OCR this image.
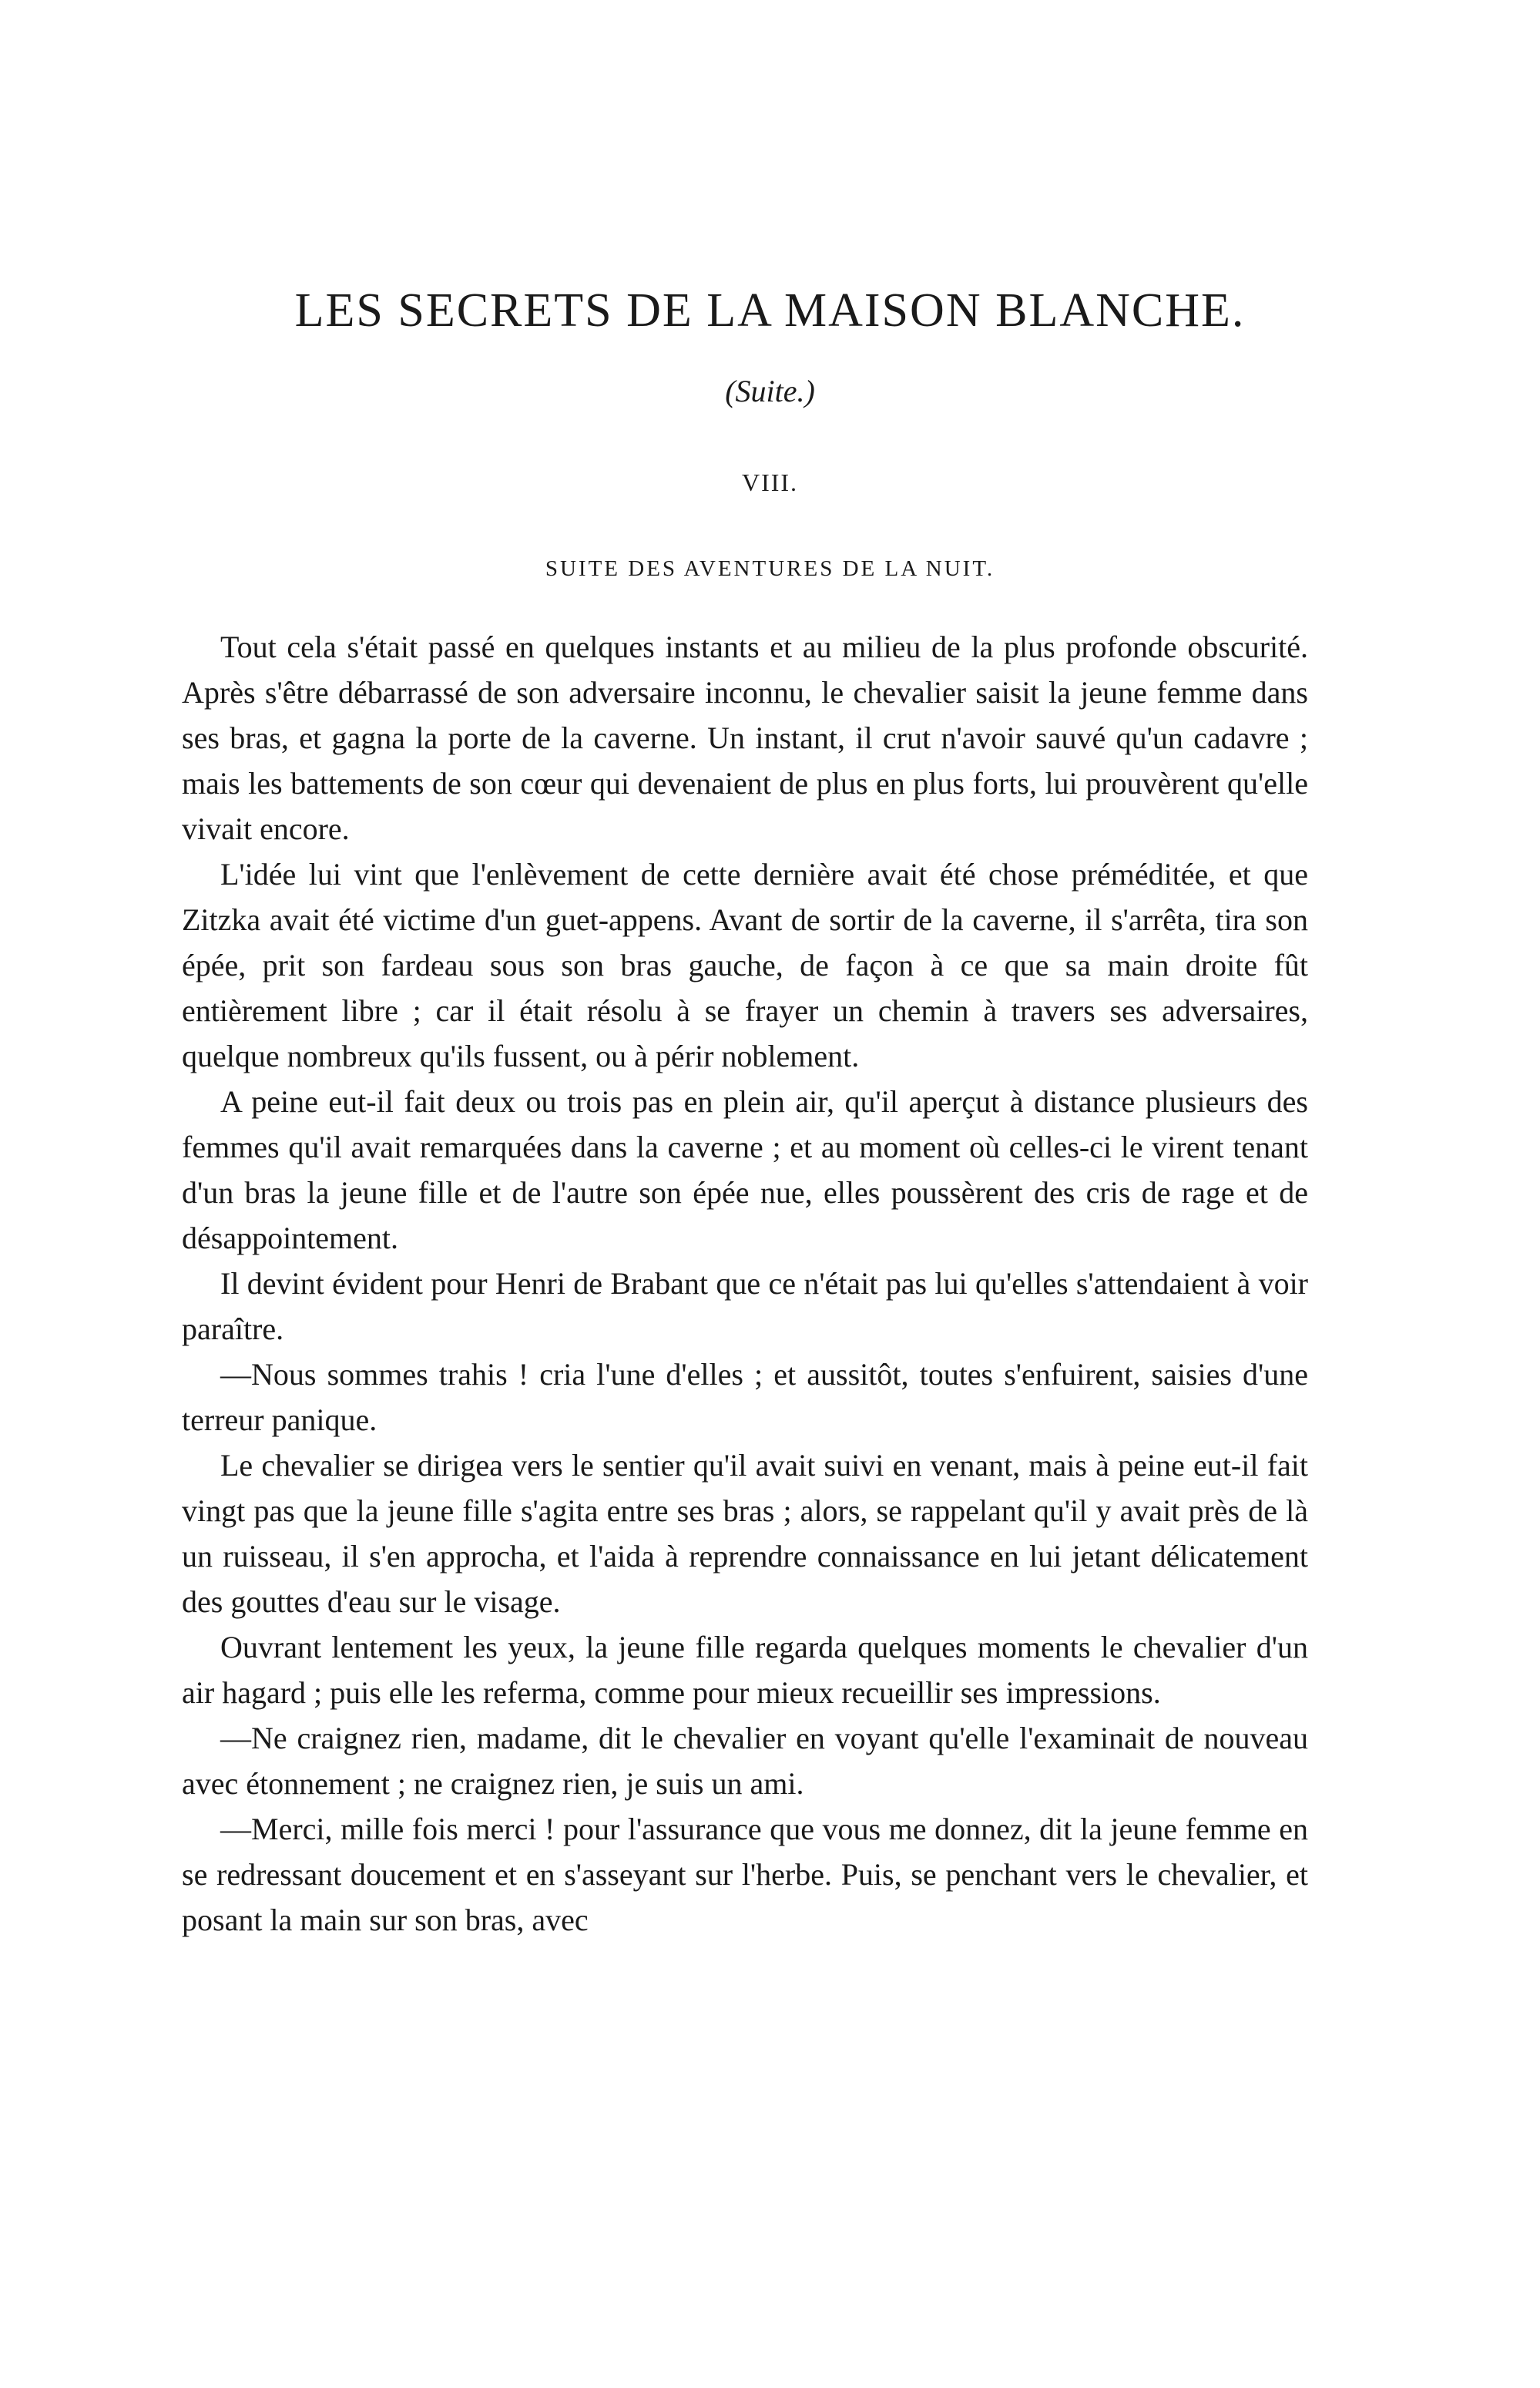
LES SECRETS DE LA MAISON BLANCHE.
(Suite.)
VIII.
SUITE DES AVENTURES DE LA NUIT.

Tout cela s'était passé en quelques instants et au milieu de la plus profonde obscurité. Après s'être débarrassé de son adversaire inconnu, le chevalier saisit la jeune femme dans ses bras, et gagna la porte de la caverne. Un instant, il crut n'avoir sauvé qu'un cadavre ; mais les battements de son cœur qui devenaient de plus en plus forts, lui prouvèrent qu'elle vivait encore.

L'idée lui vint que l'enlèvement de cette dernière avait été chose préméditée, et que Zitzka avait été victime d'un guet-appens. Avant de sortir de la caverne, il s'arrêta, tira son épée, prit son fardeau sous son bras gauche, de façon à ce que sa main droite fût entièrement libre ; car il était résolu à se frayer un chemin à travers ses adversaires, quelque nombreux qu'ils fussent, ou à périr noblement.

A peine eut-il fait deux ou trois pas en plein air, qu'il aperçut à distance plusieurs des femmes qu'il avait remarquées dans la caverne ; et au moment où celles-ci le virent tenant d'un bras la jeune fille et de l'autre son épée nue, elles poussèrent des cris de rage et de désappointement.

Il devint évident pour Henri de Brabant que ce n'était pas lui qu'elles s'attendaient à voir paraître.

—Nous sommes trahis ! cria l'une d'elles ; et aussitôt, toutes s'enfuirent, saisies d'une terreur panique.

Le chevalier se dirigea vers le sentier qu'il avait suivi en venant, mais à peine eut-il fait vingt pas que la jeune fille s'agita entre ses bras ; alors, se rappelant qu'il y avait près de là un ruisseau, il s'en approcha, et l'aida à reprendre connaissance en lui jetant délicatement des gouttes d'eau sur le visage.

Ouvrant lentement les yeux, la jeune fille regarda quelques moments le chevalier d'un air hagard ; puis elle les referma, comme pour mieux recueillir ses impressions.

—Ne craignez rien, madame, dit le chevalier en voyant qu'elle l'examinait de nouveau avec étonnement ; ne craignez rien, je suis un ami.

—Merci, mille fois merci ! pour l'assurance que vous me donnez, dit la jeune femme en se redressant doucement et en s'asseyant sur l'herbe. Puis, se penchant vers le chevalier, et posant la main sur son bras, avec
